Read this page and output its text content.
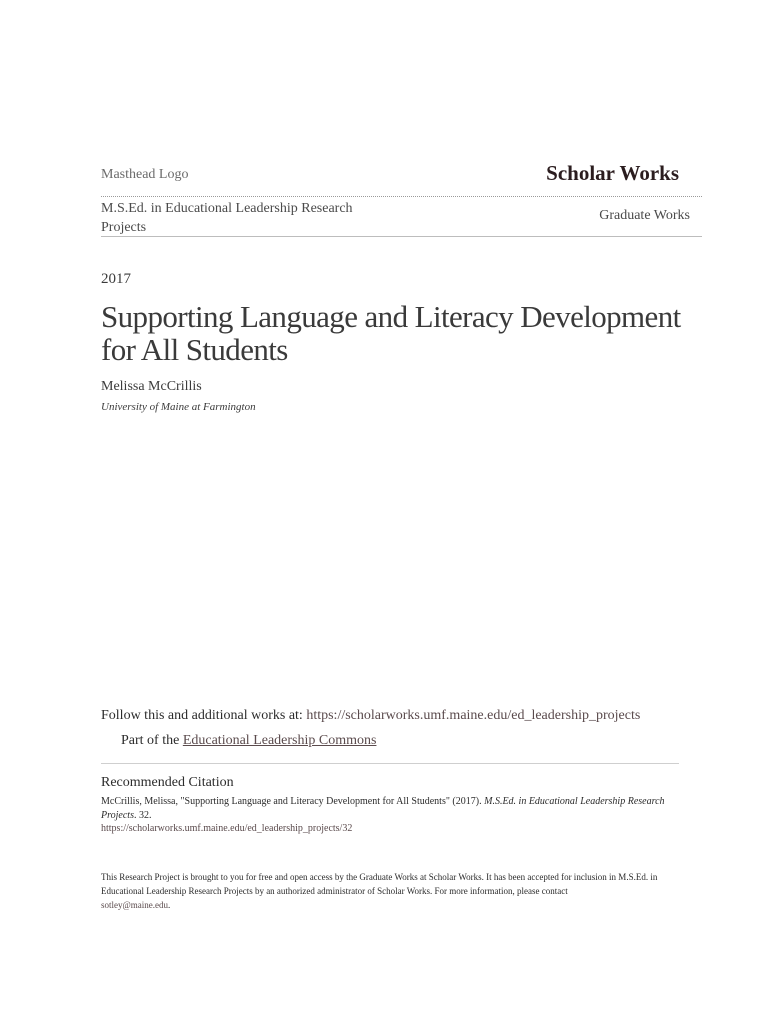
Masthead Logo	Scholar Works
M.S.Ed. in Educational Leadership Research Projects
Graduate Works
2017
Supporting Language and Literacy Development for All Students
Melissa McCrillis
University of Maine at Farmington
Follow this and additional works at: https://scholarworks.umf.maine.edu/ed_leadership_projects
Part of the Educational Leadership Commons
Recommended Citation
McCrillis, Melissa, "Supporting Language and Literacy Development for All Students" (2017). M.S.Ed. in Educational Leadership Research Projects. 32.
https://scholarworks.umf.maine.edu/ed_leadership_projects/32
This Research Project is brought to you for free and open access by the Graduate Works at Scholar Works. It has been accepted for inclusion in M.S.Ed. in Educational Leadership Research Projects by an authorized administrator of Scholar Works. For more information, please contact
sotley@maine.edu.
